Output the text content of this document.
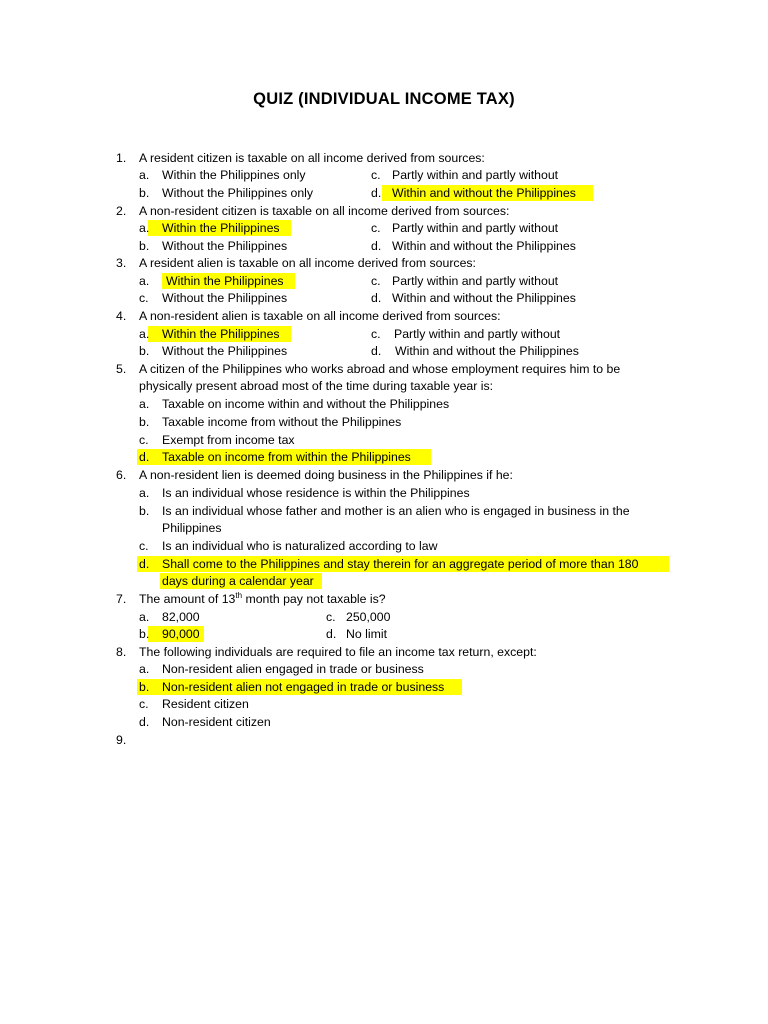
QUIZ (INDIVIDUAL INCOME TAX)
1.	A resident citizen is taxable on all income derived from sources:
a. Within the Philippines only	c. Partly within and partly without
b. Without the Philippines only	d. Within and without the Philippines
2.	A non-resident citizen is taxable on all income derived from sources:
a. Within the Philippines	c. Partly within and partly without
b. Without the Philippines	d. Within and without the Philippines
3.	A resident alien is taxable on all income derived from sources:
a. Within the Philippines	c. Partly within and partly without
c. Without the Philippines	d. Within and without the Philippines
4.	A non-resident alien is taxable on all income derived from sources:
a. Within the Philippines	c. Partly within and partly without
b. Without the Philippines	d. Within and without the Philippines
5.	A citizen of the Philippines who works abroad and whose employment requires him to be
physically present abroad most of the time during taxable year is:
a. Taxable on income within and without the Philippines
b. Taxable income from without the Philippines
c. Exempt from income tax
d. Taxable on income from within the Philippines
6.	A non-resident lien is deemed doing business in the Philippines if he:
a. Is an individual whose residence is within the Philippines
b. Is an individual whose father and mother is an alien who is engaged in business in the
Philippines
c. Is an individual who is naturalized according to law
d. Shall come to the Philippines and stay therein for an aggregate period of more than 180
days during a calendar year
7.	The amount of 13th month pay not taxable is?
a. 82,000	c. 250,000
b. 90,000	d. No limit
8.	The following individuals are required to file an income tax return, except:
a. Non-resident alien engaged in trade or business
b. Non-resident alien not engaged in trade or business
c. Resident citizen
d. Non-resident citizen
9.
